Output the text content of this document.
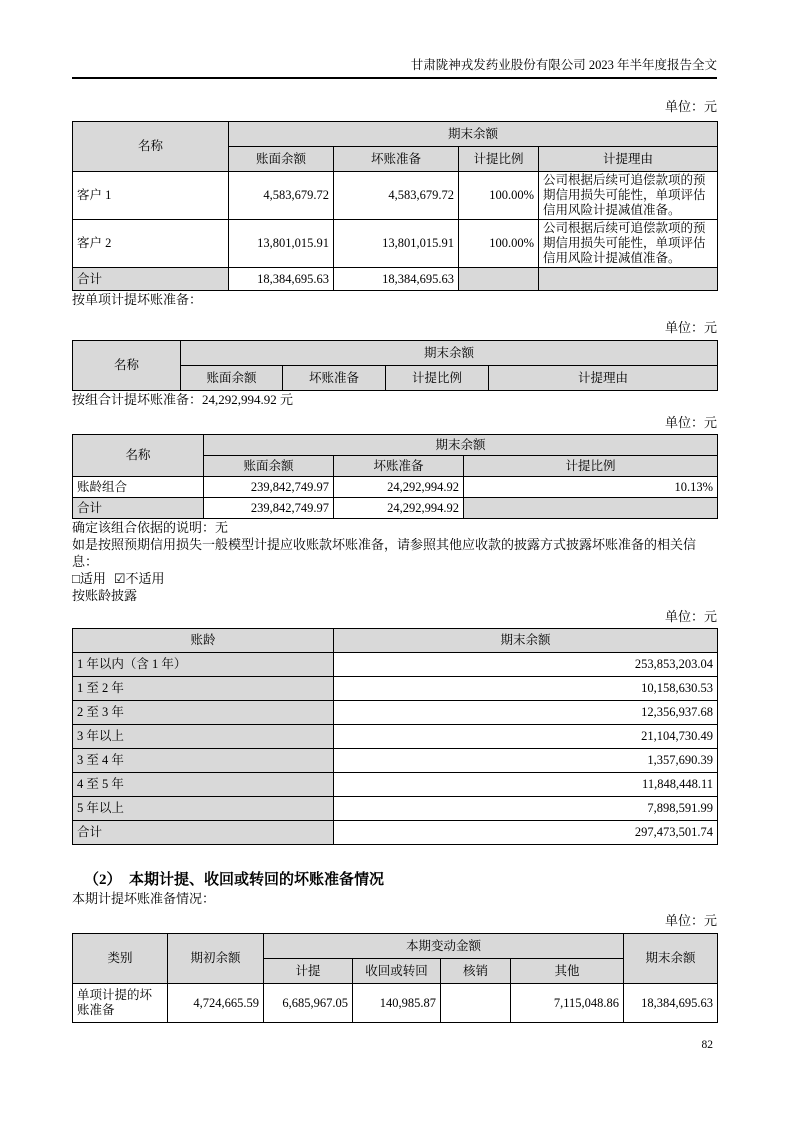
甘肃陇神戎发药业股份有限公司 2023 年半年度报告全文
单位：元
名称	期末余额			
	账面余额	坏账准备	计提比例	计提理由
客户 1	4,583,679.72	4,583,679.72	100.00%	公司根据后续可追偿款项的预期信用损失可能性，单项评估信用风险计提减值准备。
客户 2	13,801,015.91	13,801,015.91	100.00%	公司根据后续可追偿款项的预期信用损失可能性，单项评估信用风险计提减值准备。
合计	18,384,695.63	18,384,695.63		

按单项计提坏账准备：

单位：元
名称	期末余额			
	账面余额	坏账准备	计提比例	计提理由

按组合计提坏账准备：24,292,994.92 元

单位：元
名称	期末余额		
	账面余额	坏账准备	计提比例
账龄组合	239,842,749.97	24,292,994.92	10.13%
合计	239,842,749.97	24,292,994.92	

确定该组合依据的说明：无

如是按照预期信用损失一般模型计提应收账款坏账准备，请参照其他应收款的披露方式披露坏账准备的相关信息：

□适用 ☑不适用

按账龄披露

单位：元
账龄	期末余额
1 年以内（含 1 年）	253,853,203.04
1 至 2 年	10,158,630.53
2 至 3 年	12,356,937.68
3 年以上	21,104,730.49
3 至 4 年	1,357,690.39
4 至 5 年	11,848,448.11
5 年以上	7,898,591.99
合计	297,473,501.74
（2）　本期计提、收回或转回的坏账准备情况

本期计提坏账准备情况：

单位：元
类别	期初余额	本期变动金额				期末余额
		计提	收回或转回	核销	其他	
单项计提的坏账准备	4,724,665.59	6,685,967.05	140,985.87		7,115,048.86	18,384,695.63
82
